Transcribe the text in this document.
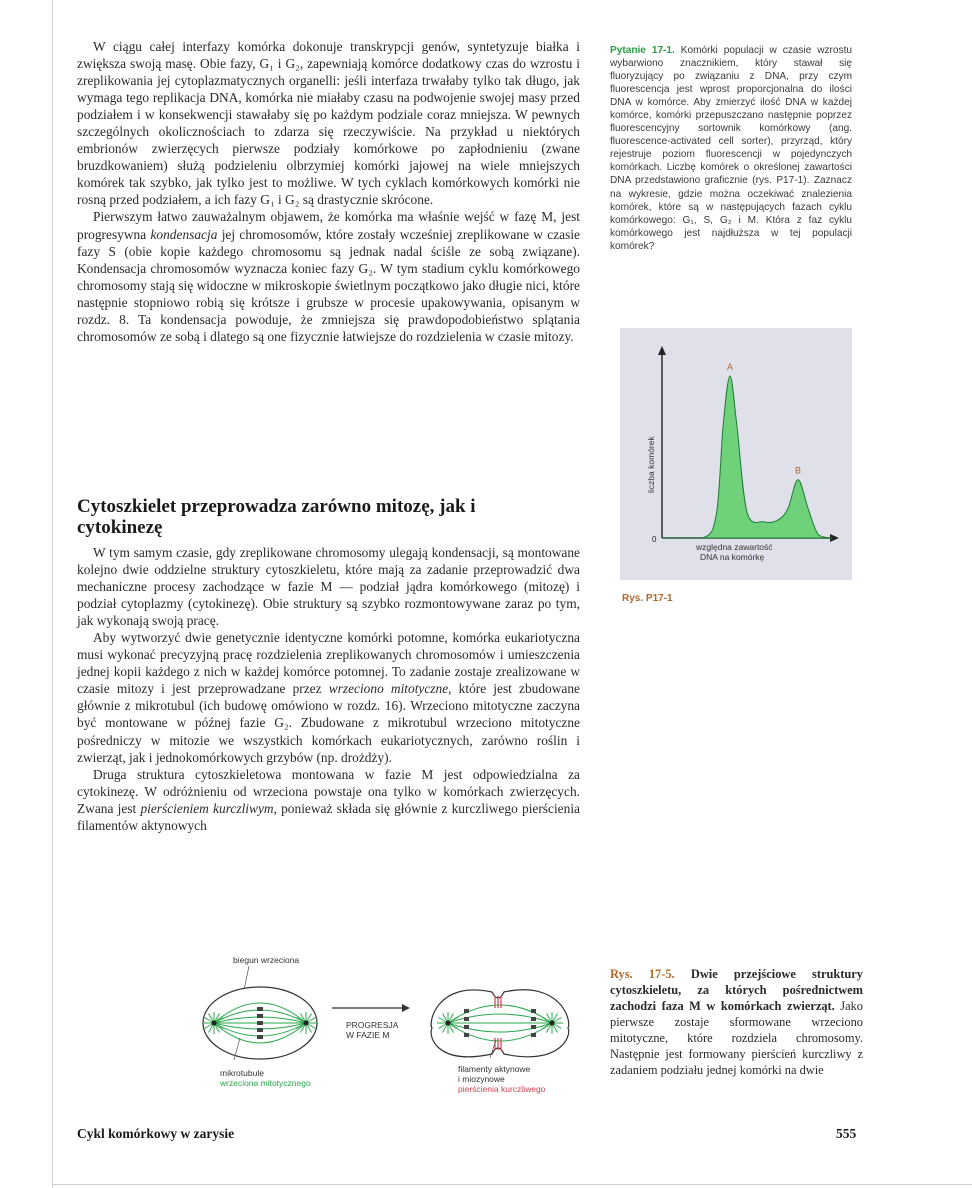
W ciągu całej interfazy komórka dokonuje transkrypcji genów, syntetyzuje białka i zwiększa swoją masę. Obie fazy, G₁ i G₂, zapewniają komórce dodatkowy czas do wzrostu i zreplikowania jej cytoplazmatycznych organelli: jeśli interfaza trwałaby tylko tak długo, jak wymaga tego replikacja DNA, komórka nie miałaby czasu na podwojenie swojej masy przed podziałem i w konsekwencji stawałaby się po każdym podziale coraz mniejsza. W pewnych szczególnych okolicznościach to zdarza się rzeczywiście. Na przykład u niektórych embrionów zwierzęcych pierwsze podziały komórkowe po zapłodnieniu (zwane bruzdkowaniem) służą podzieleniu olbrzymiej komórki jajowej na wiele mniejszych komórek tak szybko, jak tylko jest to możliwe. W tych cyklach komórkowych komórki nie rosną przed podziałem, a ich fazy G₁ i G₂ są drastycznie skrócone.

Pierwszym łatwo zauważalnym objawem, że komórka ma właśnie wejść w fazę M, jest progresywna kondensacja jej chromosomów, które zostały wcześniej zreplikowane w czasie fazy S (obie kopie każdego chromosomu są jednak nadal ściśle ze sobą związane). Kondensacja chromosomów wyznacza koniec fazy G₂. W tym stadium cyklu komórkowego chromosomy stają się widoczne w mikroskopie świetlnym początkowo jako długie nici, które następnie stopniowo robią się krótsze i grubsze w procesie upakowywania, opisanym w rozdz. 8. Ta kondensacja powoduje, że zmniejsza się prawdopodobieństwo splątania chromosomów ze sobą i dlatego są one fizycznie łatwiejsze do rozdzielenia w czasie mitozy.

Cytoszkielet przeprowadza zarówno mitozę, jak i cytokinezę

W tym samym czasie, gdy zreplikowane chromosomy ulegają kondensacji, są montowane kolejno dwie oddzielne struktury cytoszkieletu, które mają za zadanie przeprowadzić dwa mechaniczne procesy zachodzące w fazie M — podział jądra komórkowego (mitozę) i podział cytoplazmy (cytokinezę). Obie struktury są szybko rozmontowywane zaraz po tym, jak wykonają swoją pracę.

Aby wytworzyć dwie genetycznie identyczne komórki potomne, komórka eukariotyczna musi wykonać precyzyjną pracę rozdzielenia zreplikowanych chromosomów i umieszczenia jednej kopii każdego z nich w każdej komórce potomnej. To zadanie zostaje zrealizowane w czasie mitozy i jest przeprowadzane przez wrzeciono mitotyczne, które jest zbudowane głównie z mikrotubul (ich budowę omówiono w rozdz. 16). Wrzeciono mitotyczne zaczyna być montowane w późnej fazie G₂. Zbudowane z mikrotubul wrzeciono mitotyczne pośredniczy w mitozie we wszystkich komórkach eukariotycznych, zarówno roślin i zwierząt, jak i jednokomórkowych grzybów (np. drożdży).

Druga struktura cytoszkieletowa montowana w fazie M jest odpowiedzialna za cytokinezę. W odróżnieniu od wrzeciona powstaje ona tylko w komórkach zwierzęcych. Zwana jest pierścieniem kurczliwym, ponieważ składa się głównie z kurczliwego pierścienia filamentów aktynowych

Pytanie 17-1. Komórki populacji w czasie wzrostu wybarwiono znacznikiem, który stawał się fluoryzujący po związaniu z DNA, przy czym fluorescencja jest wprost proporcjonalna do ilości DNA w komórce. Aby zmierzyć ilość DNA w każdej komórce, komórki przepuszczano następnie poprzez fluorescencyjny sortownik komórkowy (ang. fluorescence-activated cell sorter), przyrząd, który rejestruje poziom fluorescencji w pojedynczych komórkach. Liczbę komórek o określonej zawartości DNA przedstawiono graficznie (rys. P17-1). Zaznacz na wykresie, gdzie można oczekiwać znalezienia komórek, które są w następujących fazach cyklu komórkowego: G₁, S, G₂ i M. Która z faz cyklu komórkowego jest najdłuższa w tej populacji komórek?

A
B
0
liczba komórek
względna zawartość
DNA na komórkę
Rys. P17-1
biegun wrzeciona
PROGRESJA
W FAZIE M
mikrotubule
wrzeciona mitotycznego
filamenty aktynowe
i miozynowe
pierścienia kurczliwego

Rys. 17-5. Dwie przejściowe struktury cytoszkieletu, za których pośrednictwem zachodzi faza M w komórkach zwierząt. Jako pierwsze zostaje sformowane wrzeciono mitotyczne, które rozdziela chromosomy. Następnie jest formowany pierścień kurczliwy z zadaniem podziału jednej komórki na dwie

Cykl komórkowy w zarysie	555
